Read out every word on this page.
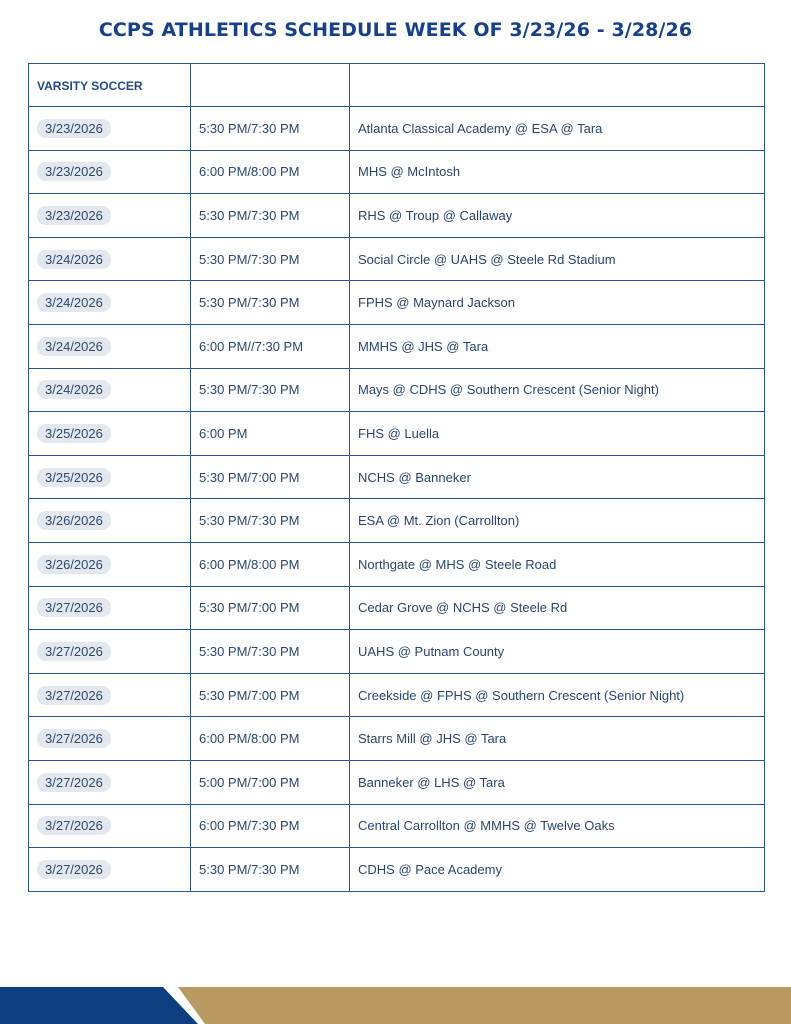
CCPS ATHLETICS SCHEDULE WEEK OF 3/23/26 - 3/28/26
VARSITY SOCCER		
3/23/2026	5:30 PM/7:30 PM	Atlanta Classical Academy @ ESA @ Tara
3/23/2026	6:00 PM/8:00 PM	MHS @ McIntosh
3/23/2026	5:30 PM/7:30 PM	RHS @ Troup @ Callaway
3/24/2026	5:30 PM/7:30 PM	Social Circle @ UAHS @ Steele Rd Stadium
3/24/2026	5:30 PM/7:30 PM	FPHS @ Maynard Jackson
3/24/2026	6:00 PM//7:30 PM	MMHS @ JHS @ Tara
3/24/2026	5:30 PM/7:30 PM	Mays @ CDHS @ Southern Crescent (Senior Night)
3/25/2026	6:00 PM	FHS @ Luella
3/25/2026	5:30 PM/7:00 PM	NCHS @ Banneker
3/26/2026	5:30 PM/7:30 PM	ESA @ Mt. Zion (Carrollton)
3/26/2026	6:00 PM/8:00 PM	Northgate @ MHS @ Steele Road
3/27/2026	5:30 PM/7:00 PM	Cedar Grove @ NCHS @ Steele Rd
3/27/2026	5:30 PM/7:30 PM	UAHS @ Putnam County
3/27/2026	5:30 PM/7:00 PM	Creekside @ FPHS @ Southern Crescent (Senior Night)
3/27/2026	6:00 PM/8:00 PM	Starrs Mill @ JHS @ Tara
3/27/2026	5:00 PM/7:00 PM	Banneker @ LHS @ Tara
3/27/2026	6:00 PM/7:30 PM	Central Carrollton @ MMHS @ Twelve Oaks
3/27/2026	5:30 PM/7:30 PM	CDHS @ Pace Academy
